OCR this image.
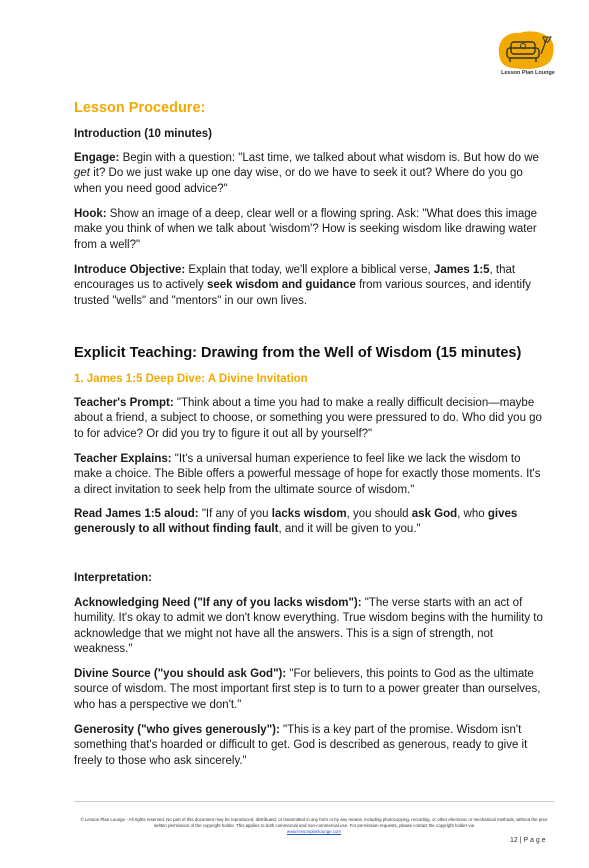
Lesson Plan Lounge
Lesson Procedure:

Introduction (10 minutes)

Engage: Begin with a question: "Last time, we talked about what wisdom is. But how do we get it? Do we just wake up one day wise, or do we have to seek it out? Where do you go when you need good advice?"

Hook: Show an image of a deep, clear well or a flowing spring. Ask: "What does this image make you think of when we talk about 'wisdom'? How is seeking wisdom like drawing water from a well?"

Introduce Objective: Explain that today, we'll explore a biblical verse, James 1:5, that encourages us to actively seek wisdom and guidance from various sources, and identify trusted "wells" and "mentors" in our own lives.

Explicit Teaching: Drawing from the Well of Wisdom (15 minutes)
1. James 1:5 Deep Dive: A Divine Invitation

Teacher's Prompt: "Think about a time you had to make a really difficult decision—maybe about a friend, a subject to choose, or something you were pressured to do. Who did you go to for advice? Or did you try to figure it out all by yourself?"

Teacher Explains: "It's a universal human experience to feel like we lack the wisdom to make a choice. The Bible offers a powerful message of hope for exactly those moments. It's a direct invitation to seek help from the ultimate source of wisdom."

Read James 1:5 aloud: "If any of you lacks wisdom, you should ask God, who gives generously to all without finding fault, and it will be given to you."

Interpretation:

Acknowledging Need ("If any of you lacks wisdom"): "The verse starts with an act of humility. It's okay to admit we don't know everything. True wisdom begins with the humility to acknowledge that we might not have all the answers. This is a sign of strength, not weakness."

Divine Source ("you should ask God"): "For believers, this points to God as the ultimate source of wisdom. The most important first step is to turn to a power greater than ourselves, who has a perspective we don't."

Generosity ("who gives generously"): "This is a key part of the promise. Wisdom isn't something that's hoarded or difficult to get. God is described as generous, ready to give it freely to those who ask sincerely."

© Lesson Plan Lounge - All rights reserved. No part of this document may be reproduced, distributed, or transmitted in any form or by any means, including photocopying, recording, or other electronic or mechanical methods, without the prior written permission of the copyright holder. This applies to both commercial and non-commercial use. For permission requests, please contact the copyright holder via
www.lessonplanlounge.com
12 | P a g e
